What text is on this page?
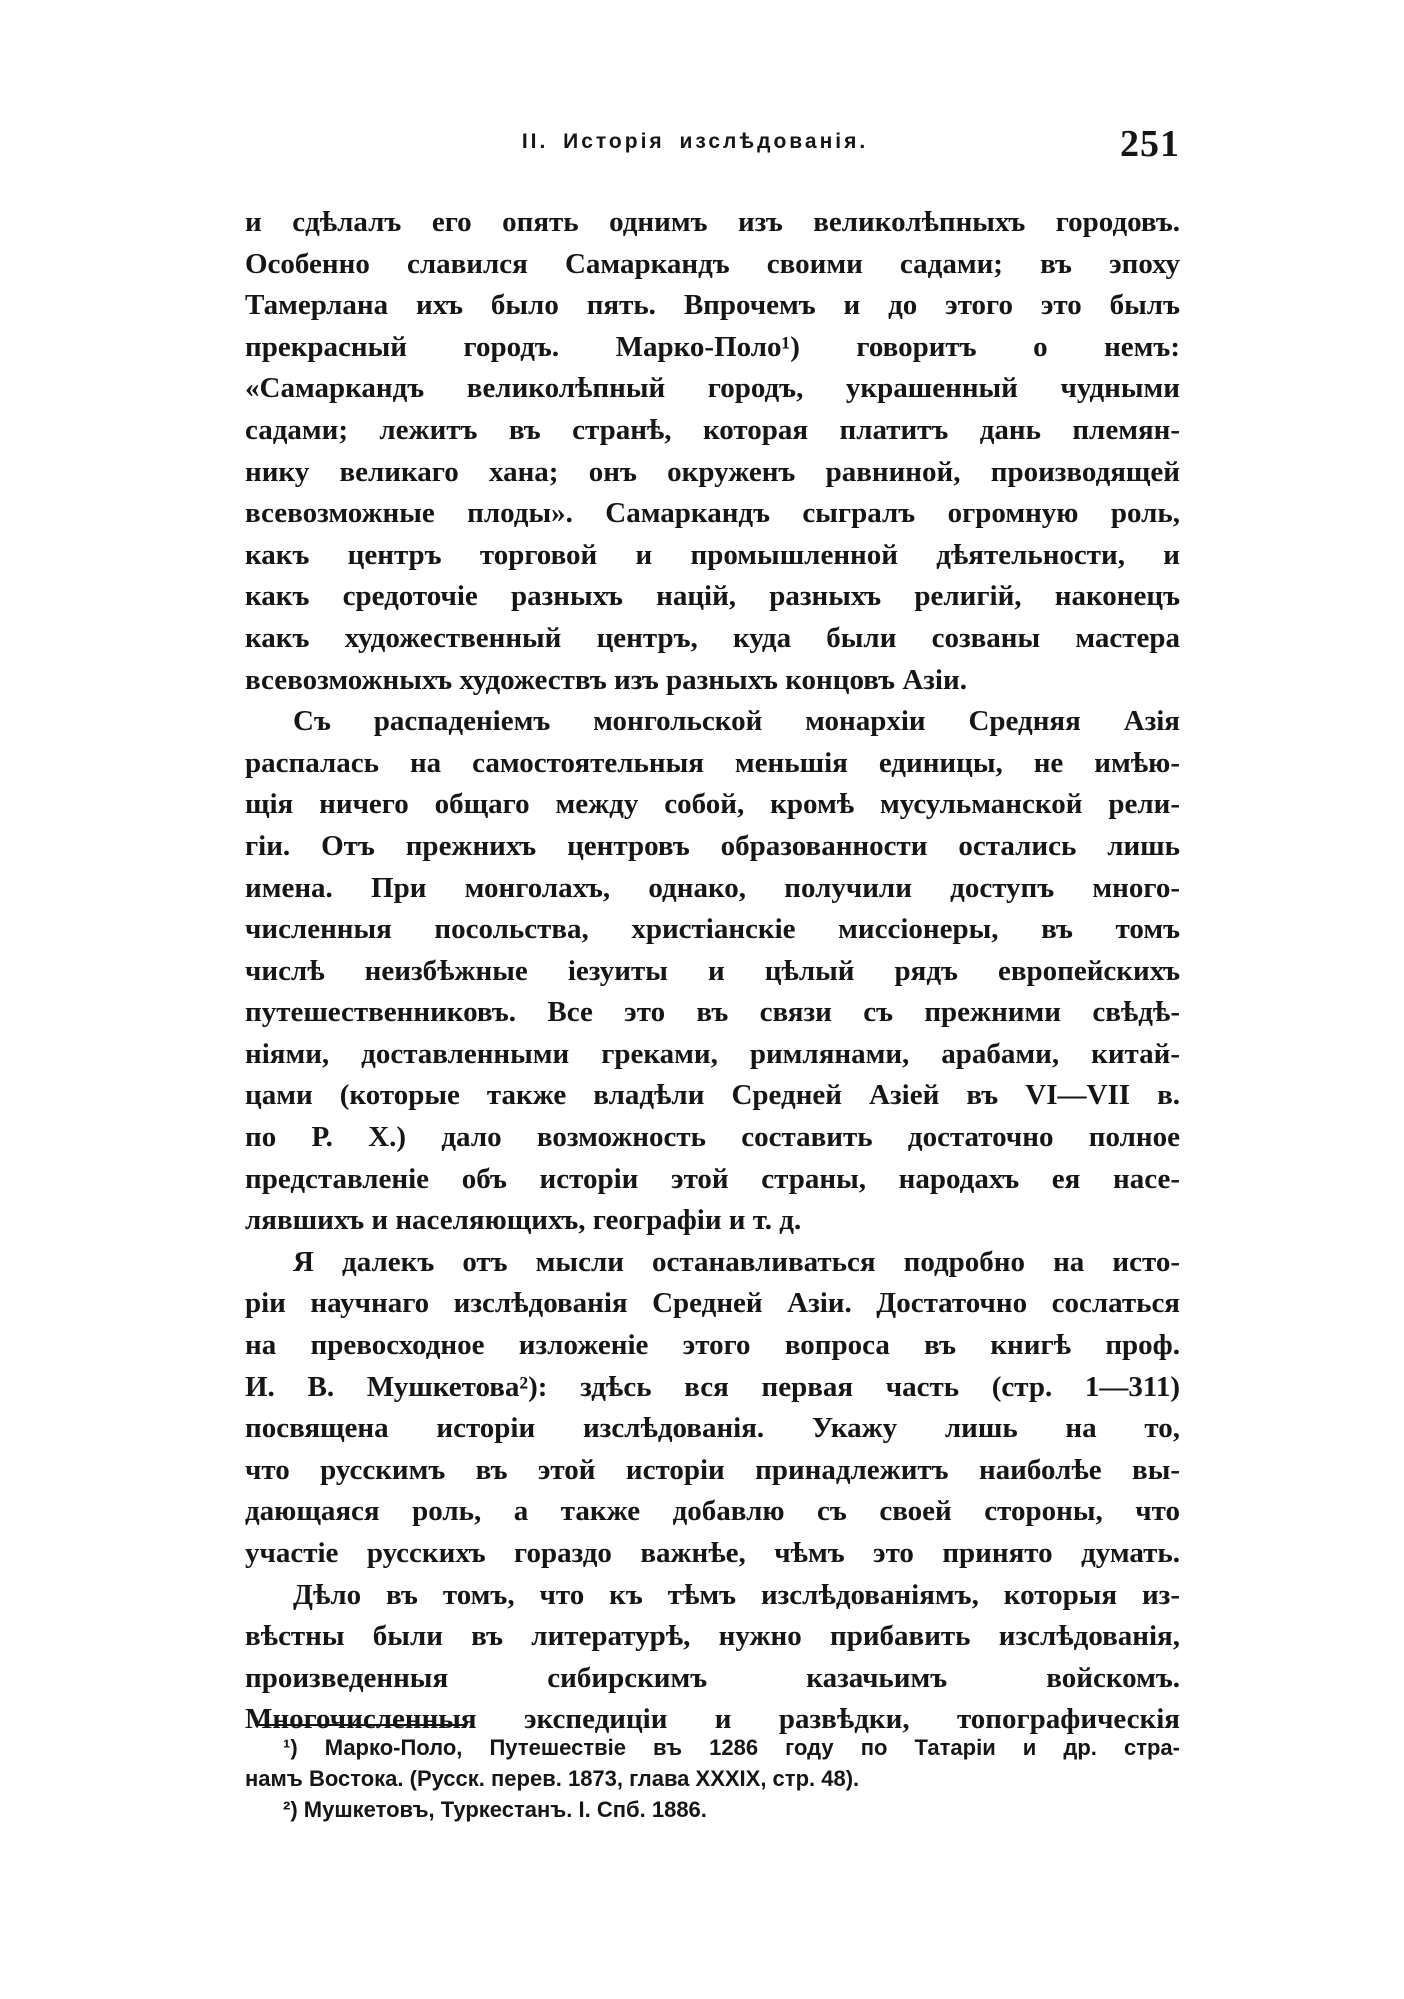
II. Исторія изслѣдованія.	251
и сдѣлалъ его опять однимъ изъ великолѣпныхъ городовъ.
Особенно славился Самаркандъ своими садами; въ эпоху
Тамерлана ихъ было пять. Впрочемъ и до этого это былъ
прекрасный городъ. Марко-Поло¹) говоритъ о немъ:
«Самаркандъ великолѣпный городъ, украшенный чудными
садами; лежитъ въ странѣ, которая платитъ дань племян-
нику великаго хана; онъ окруженъ равниной, производящей
всевозможные плоды». Самаркандъ сыгралъ огромную роль,
какъ центръ торговой и промышленной дѣятельности, и
какъ средоточіе разныхъ націй, разныхъ религій, наконецъ
какъ художественный центръ, куда были созваны мастера
всевозможныхъ художествъ изъ разныхъ концовъ Азіи.
Съ распаденіемъ монгольской монархіи Средняя Азія
распалась на самостоятельныя меньшія единицы, не имѣю-
щія ничего общаго между собой, кромѣ мусульманской рели-
гіи. Отъ прежнихъ центровъ образованности остались лишь
имена. При монголахъ, однако, получили доступъ много-
численныя посольства, христіанскіе миссіонеры, въ томъ
числѣ неизбѣжные іезуиты и цѣлый рядъ европейскихъ
путешественниковъ. Все это въ связи съ прежними свѣдѣ-
ніями, доставленными греками, римлянами, арабами, китай-
цами (которые также владѣли Средней Азіей въ VI—VII в.
по Р. Х.) дало возможность составить достаточно полное
представленіе объ исторіи этой страны, народахъ ея насе-
лявшихъ и населяющихъ, географіи и т. д.
Я далекъ отъ мысли останавливаться подробно на исто-
ріи научнаго изслѣдованія Средней Азіи. Достаточно сослаться
на превосходное изложеніе этого вопроса въ книгѣ проф.
И. В. Мушкетова²): здѣсь вся первая часть (стр. 1—311)
посвящена исторіи изслѣдованія. Укажу лишь на то,
что русскимъ въ этой исторіи принадлежитъ наиболѣе вы-
дающаяся роль, а также добавлю съ своей стороны, что
участіе русскихъ гораздо важнѣе, чѣмъ это принято думать.
Дѣло въ томъ, что къ тѣмъ изслѣдованіямъ, которыя из-
вѣстны были въ литературѣ, нужно прибавить изслѣдованія,
произведенныя сибирскимъ казачьимъ войскомъ.
Многочисленныя экспедиціи и развѣдки, топографическія
¹) Марко-Поло, Путешествіе въ 1286 году по Татаріи и др. стра-
намъ Востока. (Русск. перев. 1873, глава XXXIX, стр. 48).
²) Мушкетовъ, Туркестанъ. I. Спб. 1886.
